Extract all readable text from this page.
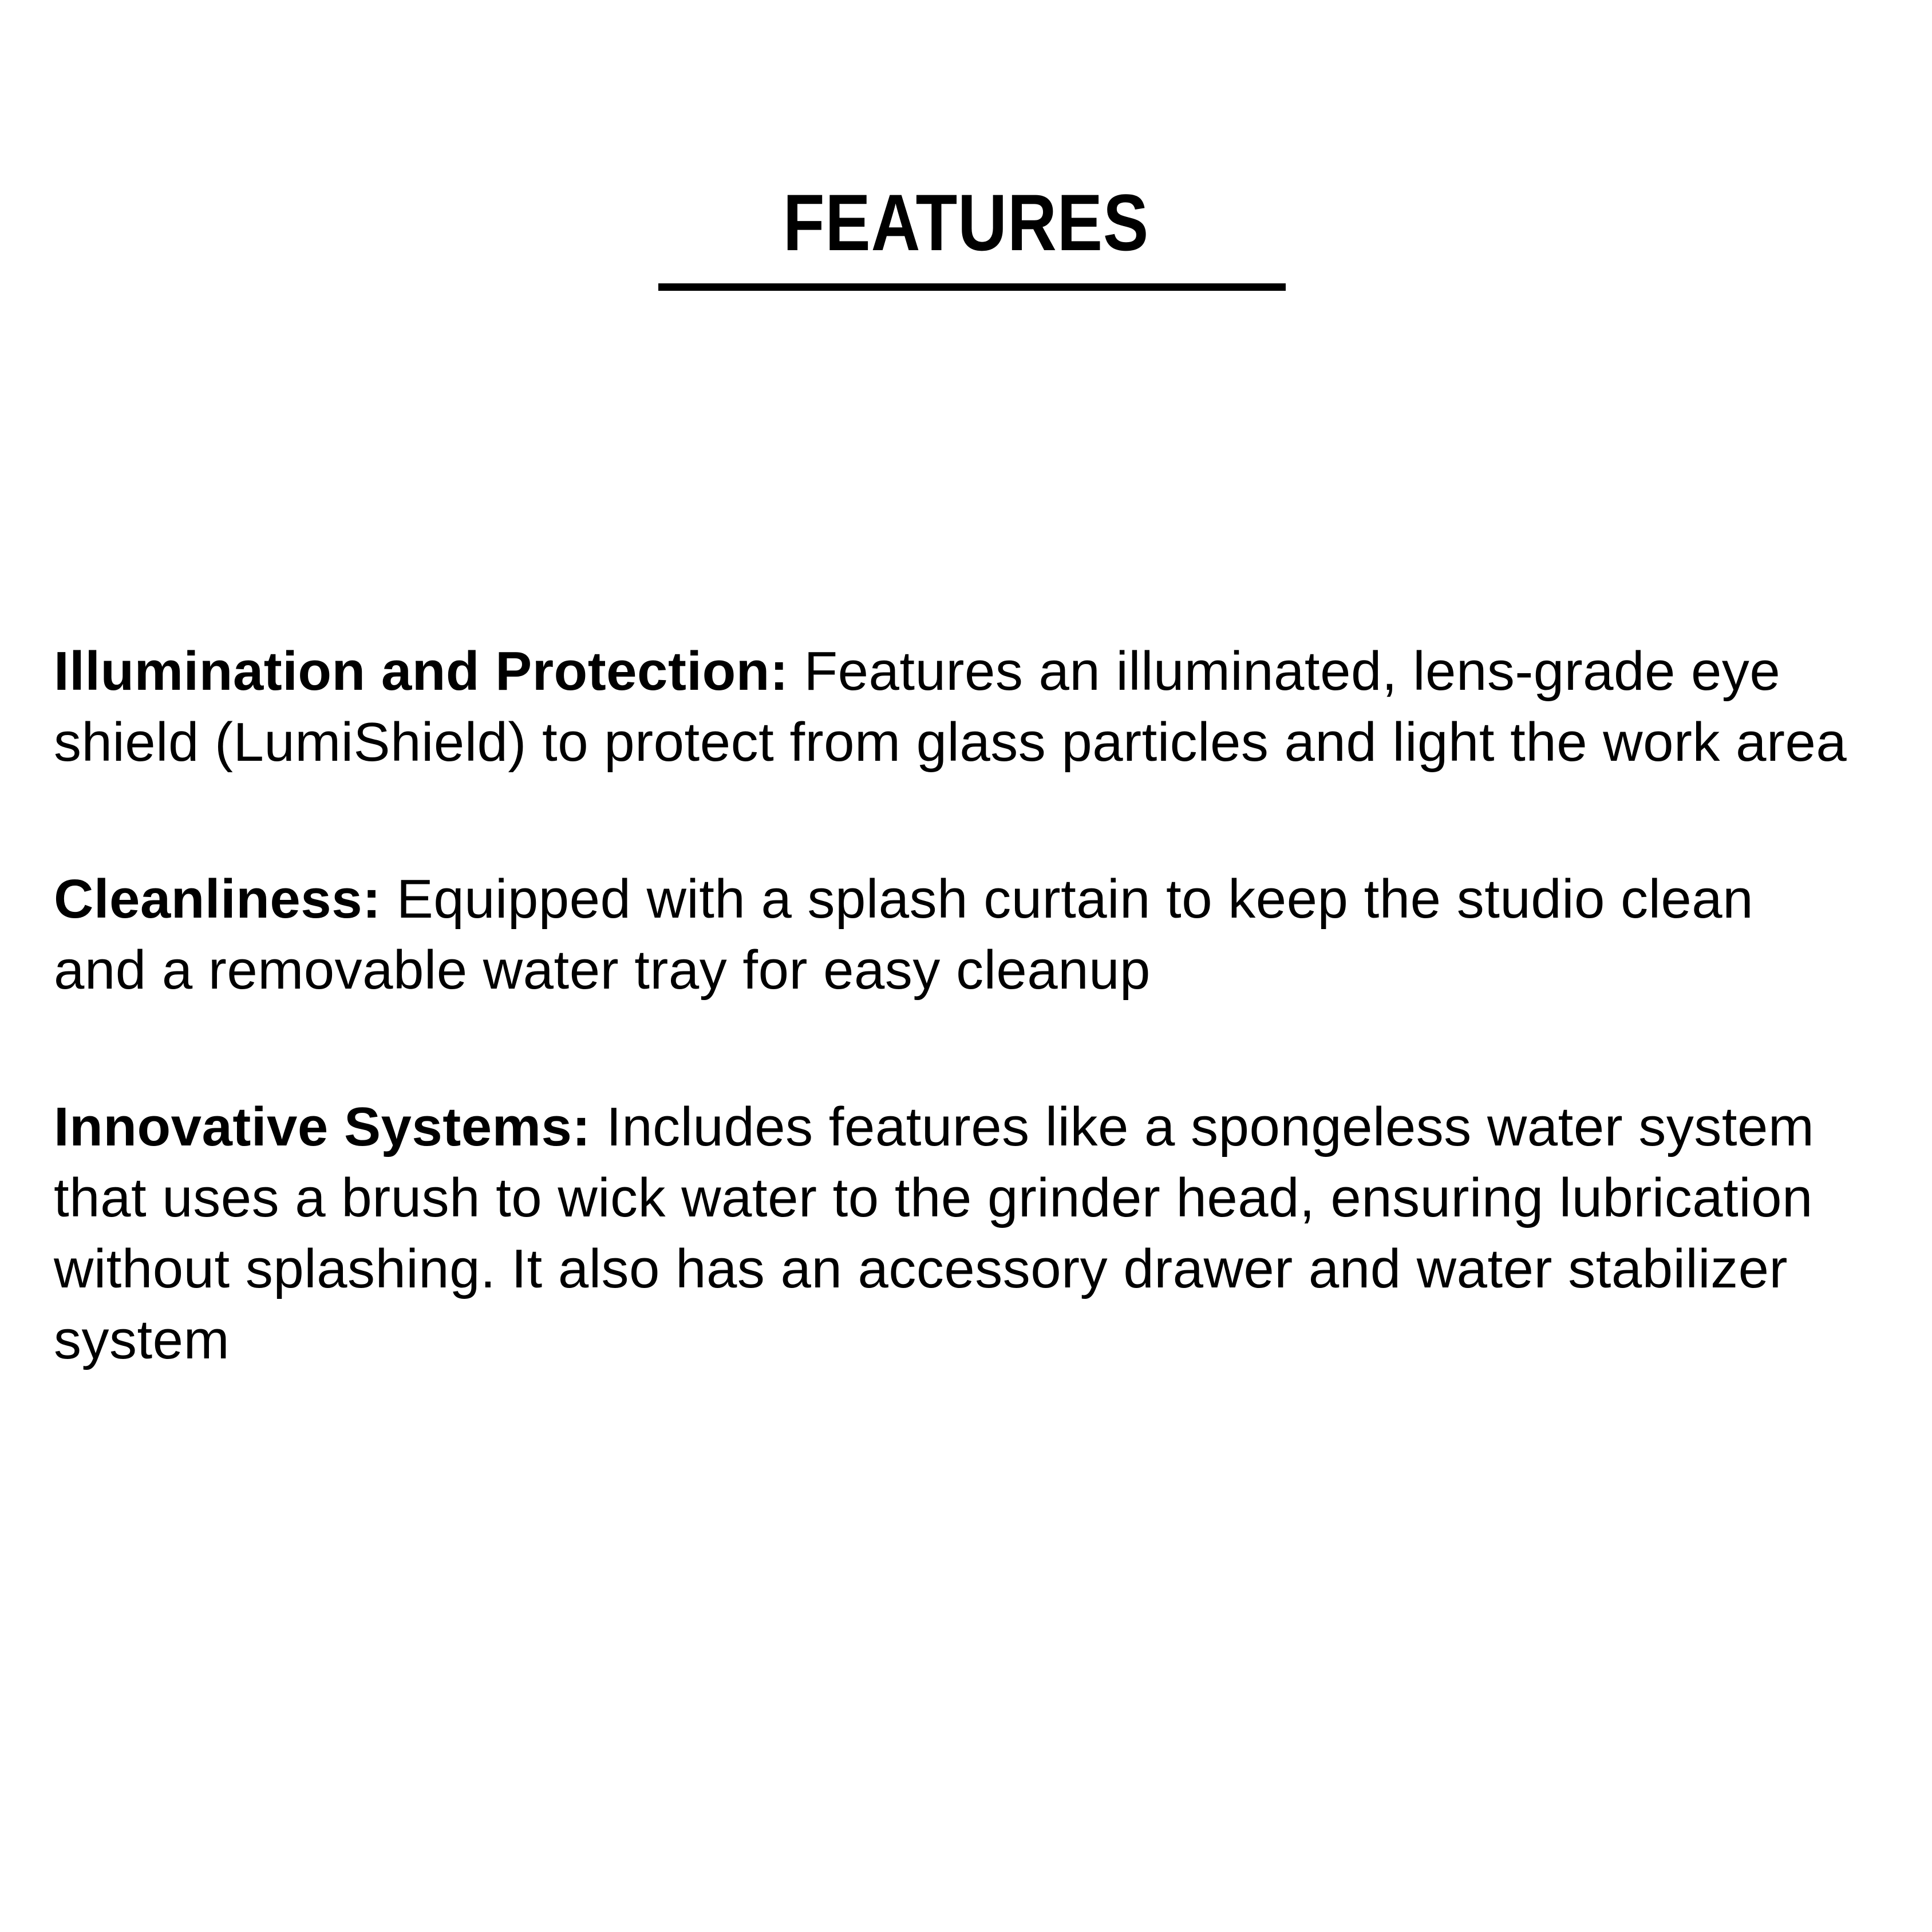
FEATURES

Illumination and Protection: Features an illuminated, lens-grade eye shield (LumiShield) to protect from glass particles and light the work area

Cleanliness: Equipped with a splash curtain to keep the studio clean and a removable water tray for easy cleanup

Innovative Systems: Includes features like a spongeless water system that uses a brush to wick water to the grinder head, ensuring lubrication without splashing. It also has an accessory drawer and water stabilizer system
